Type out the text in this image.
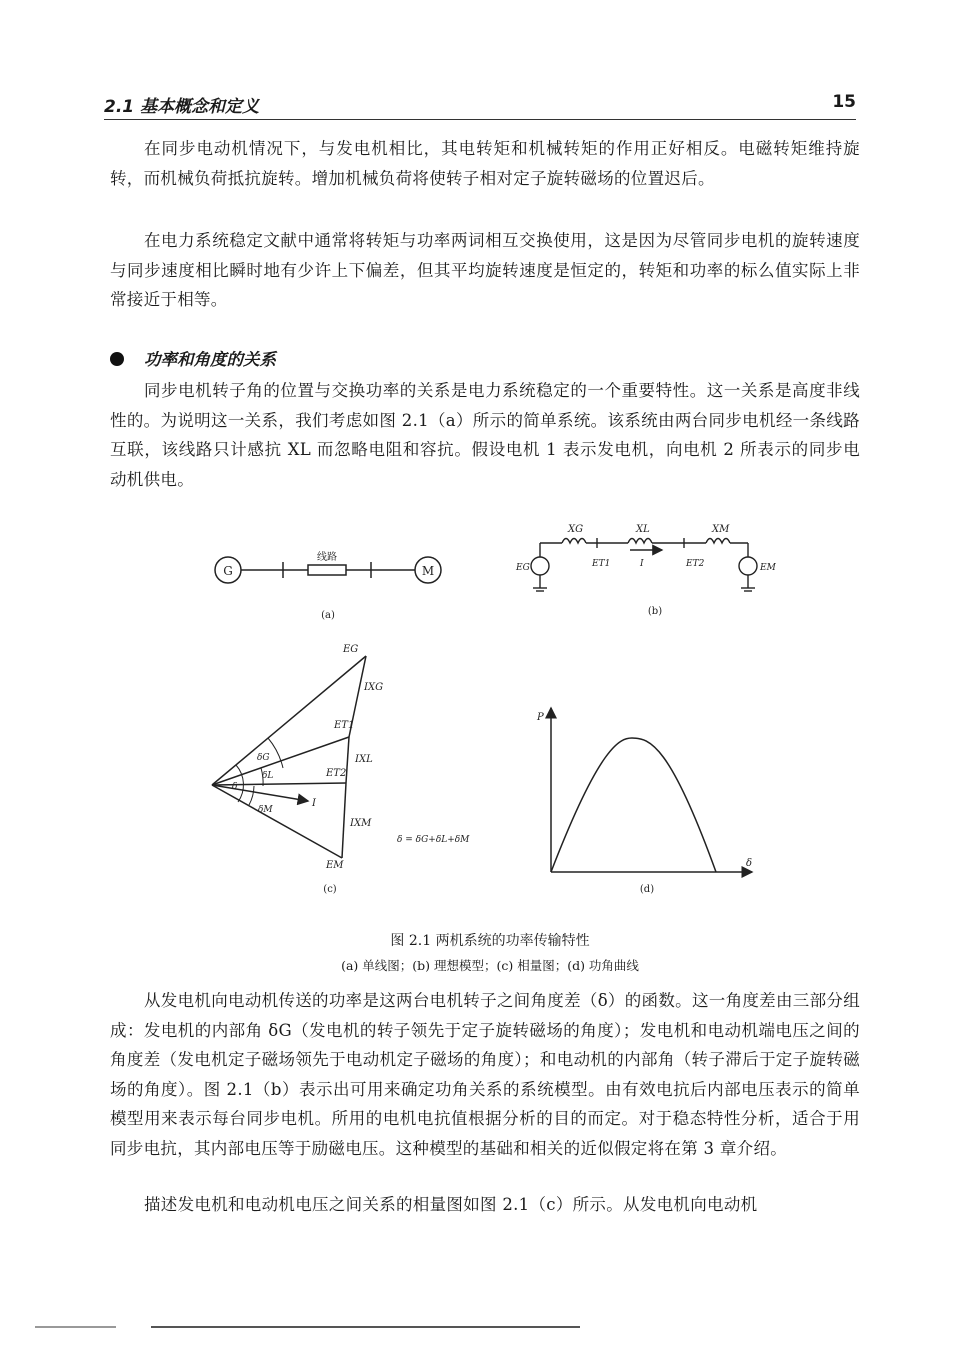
2.1 基本概念和定义	15
在同步电动机情况下，与发电机相比，其电转矩和机械转矩的作用正好相反。电磁转矩维持旋转，而机械负荷抵抗旋转。增加机械负荷将使转子相对定子旋转磁场的位置迟后。
在电力系统稳定文献中通常将转矩与功率两词相互交换使用，这是因为尽管同步电机的旋转速度与同步速度相比瞬时地有少许上下偏差，但其平均旋转速度是恒定的，转矩和功率的标么值实际上非常接近于相等。
功率和角度的关系
同步电机转子角的位置与交换功率的关系是电力系统稳定的一个重要特性。这一关系是高度非线性的。为说明这一关系，我们考虑如图 2.1（a）所示的简单系统。该系统由两台同步电机经一条线路互联，该线路只计感抗 XL 而忽略电阻和容抗。假设电机 1 表示发电机，向电机 2 所表示的同步电动机供电。
G	M
线路
(a)
XG	XL	XM
EG	ET1	I	ET2	EM
(b)
EG
IXG
ET1
IXL
ET2
IXM
EM
I
δG
δL
δM
δ
δ = δG+δL+δM
(c)
P
δ
(d)
图 2.1 两机系统的功率传输特性
(a) 单线图；(b) 理想模型；(c) 相量图；(d) 功角曲线
从发电机向电动机传送的功率是这两台电机转子之间角度差（δ）的函数。这一角度差由三部分组成：发电机的内部角 δG（发电机的转子领先于定子旋转磁场的角度）；发电机和电动机端电压之间的角度差（发电机定子磁场领先于电动机定子磁场的角度）；和电动机的内部角（转子滞后于定子旋转磁场的角度）。图 2.1（b）表示出可用来确定功角关系的系统模型。由有效电抗后内部电压表示的简单模型用来表示每台同步电机。所用的电机电抗值根据分析的目的而定。对于稳态特性分析，适合于用同步电抗，其内部电压等于励磁电压。这种模型的基础和相关的近似假定将在第 3 章介绍。
描述发电机和电动机电压之间关系的相量图如图 2.1（c）所示。从发电机向电动机
